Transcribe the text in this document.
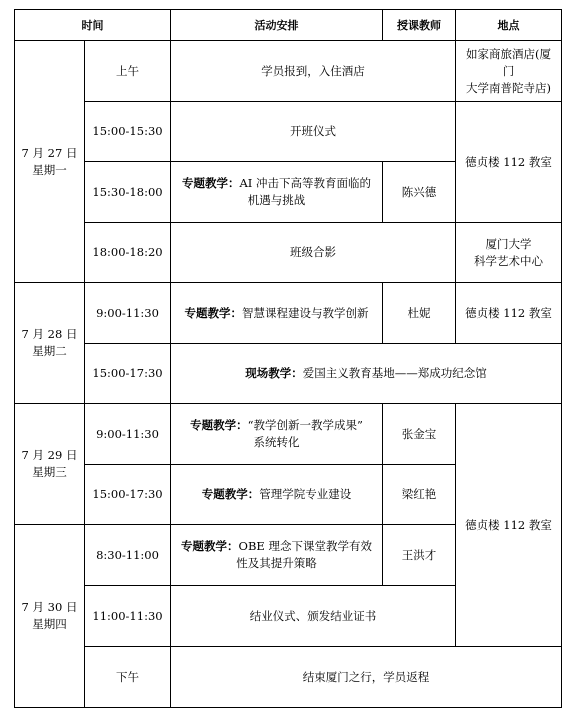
时间		活动安排	授课教师	地点

7 月 27 日
星期一	上午	学员报到，入住酒店		如家商旅酒店(厦门
大学南普陀寺店)

	15:00-15:30	开班仪式		德贞楼 112 教室
	15:30-18:00	专题教学：AI 冲击下高等教育面临的
机遇与挑战	陈兴德	
	18:00-18:20	班级合影		厦门大学
科学艺术中心

7 月 28 日
星期二	9:00-11:30	专题教学：智慧课程建设与教学创新	杜妮	德贞楼 112 教室
	15:00-17:30	现场教学：爱国主义教育基地——郑成功纪念馆		

7 月 29 日
星期三	9:00-11:30	专题教学：“教学创新一教学成果”
系统转化	张金宝	德贞楼 112 教室
	15:00-17:30	专题教学：管理学院专业建设	梁红艳	

7 月 30 日
星期四	8:30-11:00	专题教学：OBE 理念下课堂教学有效
性及其提升策略	王洪才	
	11:00-11:30	结业仪式、颁发结业证书		
	下午	结束厦门之行，学员返程		
